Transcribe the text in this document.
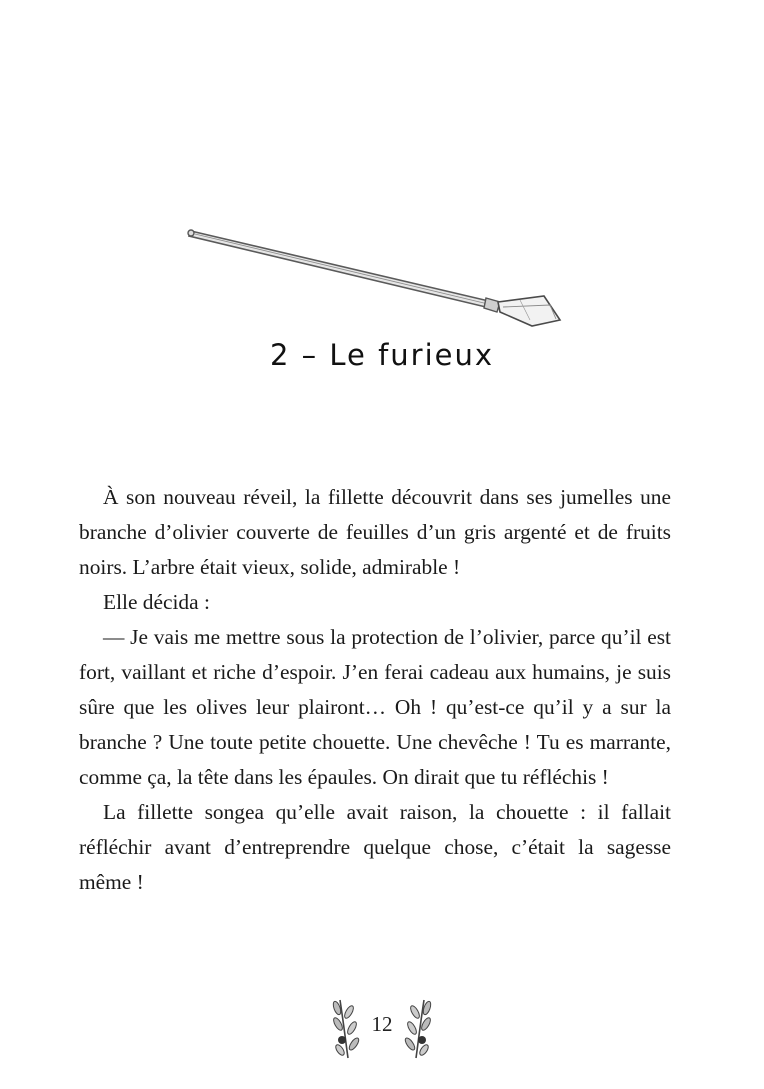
2 – Le furieux

À son nouveau réveil, la fillette découvrit dans ses jumelles une branche d’olivier couverte de feuilles d’un gris argenté et de fruits noirs. L’arbre était vieux, solide, admirable !

Elle décida :

— Je vais me mettre sous la protection de l’olivier, parce qu’il est fort, vaillant et riche d’espoir. J’en ferai cadeau aux humains, je suis sûre que les olives leur plairont… Oh ! qu’est-ce qu’il y a sur la branche ? Une toute petite chouette. Une chevêche ! Tu es marrante, comme ça, la tête dans les épaules. On dirait que tu réfléchis !

La fillette songea qu’elle avait raison, la chouette : il fallait réfléchir avant d’entreprendre quelque chose, c’était la sagesse même !

12
